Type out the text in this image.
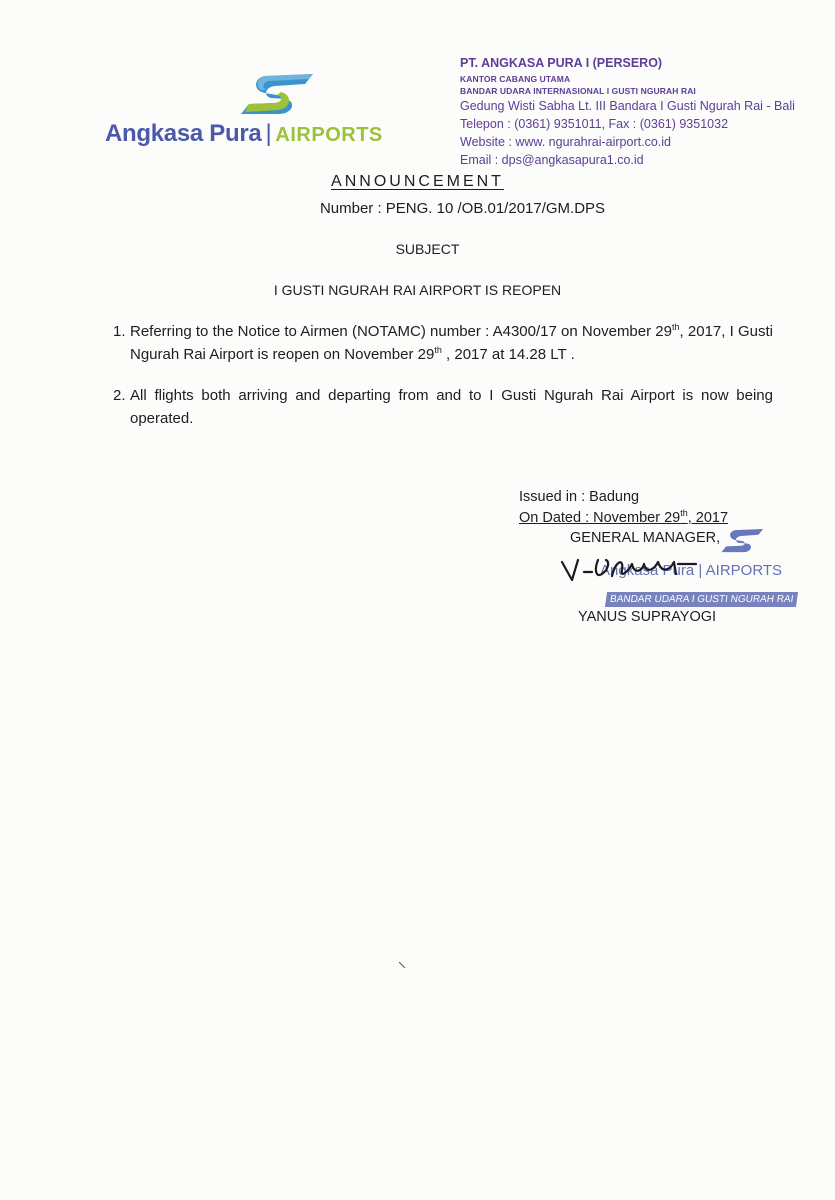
Angkasa Pura | AIRPORTS
PT. ANGKASA PURA I (PERSERO)
KANTOR CABANG UTAMA
BANDAR UDARA INTERNASIONAL I GUSTI NGURAH RAI
Gedung Wisti Sabha Lt. III Bandara I Gusti Ngurah Rai - Bali
Telepon : (0361) 9351011, Fax : (0361) 9351032
Website : www. ngurahrai-airport.co.id
Email : dps@angkasapura1.co.id
ANNOUNCEMENT
Number : PENG. 10 /OB.01/2017/GM.DPS
SUBJECT
I GUSTI NGURAH RAI AIRPORT IS REOPEN
1. Referring to the Notice to Airmen (NOTAMC) number : A4300/17 on November 29th, 2017, I Gusti Ngurah Rai Airport is reopen on November 29th , 2017 at 14.28 LT .
2. All flights both arriving and departing from and to I Gusti Ngurah Rai Airport is now being operated.
Issued in : Badung
On Dated : November 29th, 2017
GENERAL MANAGER,
Angkasa Pura | AIRPORTS
BANDAR UDARA I GUSTI NGURAH RAI
YANUS SUPRAYOGI
